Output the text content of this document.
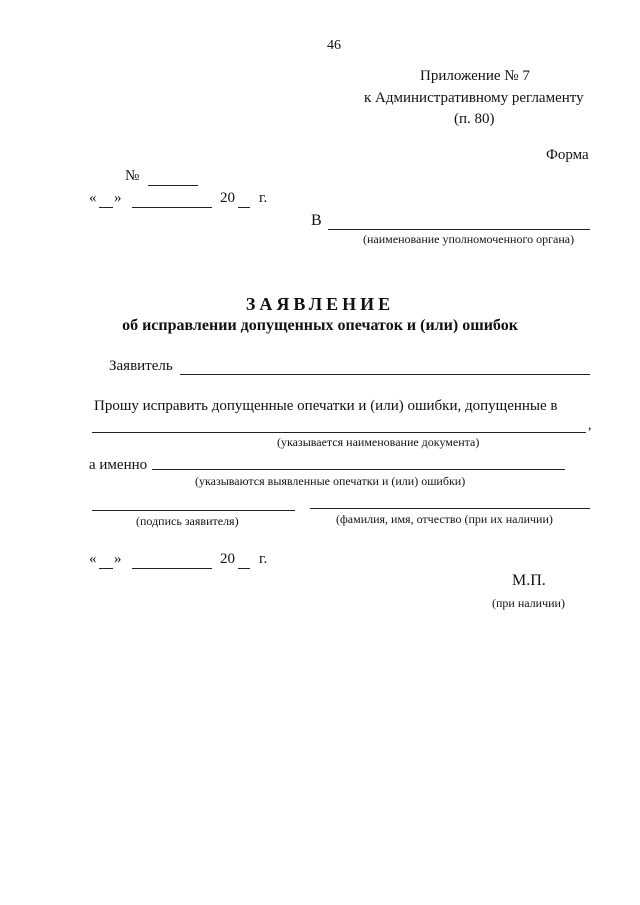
46
Приложение № 7
к Административному регламенту
(п. 80)
Форма
№
« »	20 г.
В
(наименование уполномоченного органа)
ЗАЯВЛЕНИЕ
об исправлении допущенных опечаток и (или) ошибок
Заявитель
Прошу исправить допущенные опечатки и (или) ошибки, допущенные в
,
(указывается наименование документа)
а именно
(указываются выявленные опечатки и (или) ошибки)
(подпись заявителя)	(фамилия, имя, отчество (при их наличии)
« »	20 г.
М.П.
(при наличии)
